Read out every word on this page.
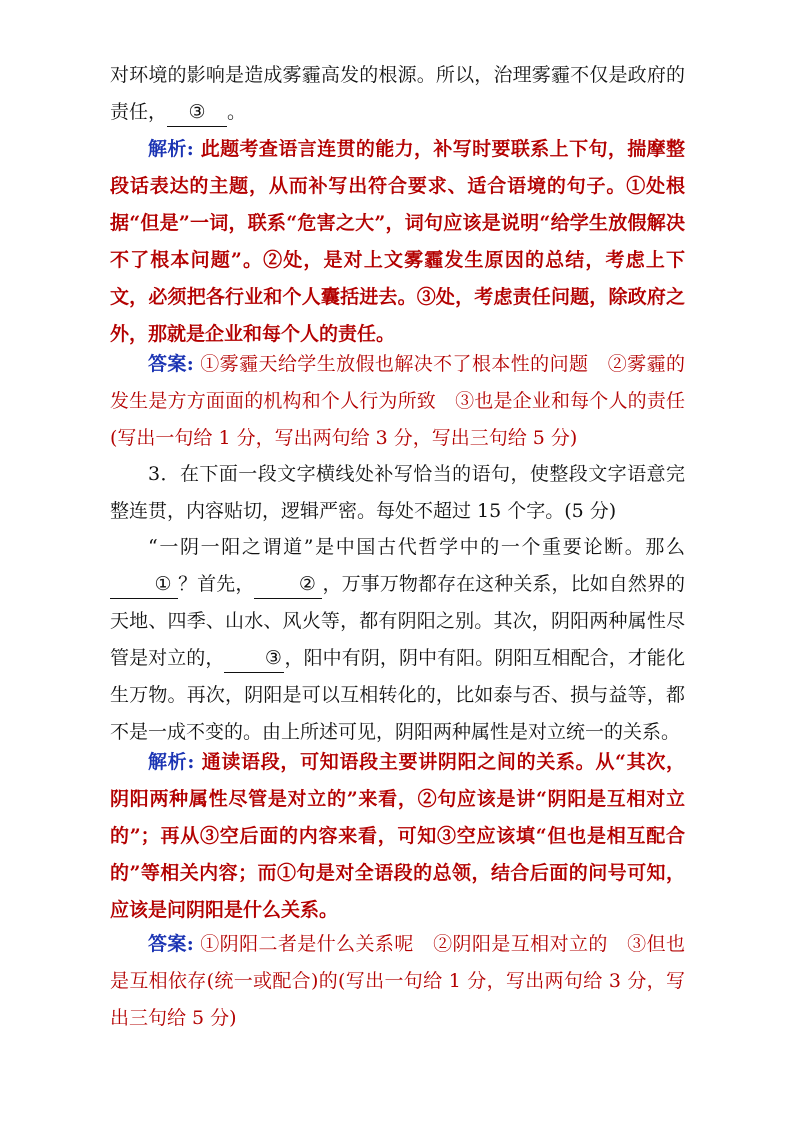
对环境的影响是造成雾霾高发的根源。所以，治理雾霾不仅是政府的责任， ③ 。

解析: 此题考查语言连贯的能力，补写时要联系上下句，揣摩整段话表达的主题，从而补写出符合要求、适合语境的句子。①处根据“但是”一词，联系“危害之大”，词句应该是说明“给学生放假解决不了根本问题”。②处，是对上文雾霾发生原因的总结，考虑上下文，必须把各行业和个人囊括进去。③处，考虑责任问题，除政府之外，那就是企业和每个人的责任。

答案: ①雾霾天给学生放假也解决不了根本性的问题　②雾霾的发生是方方面面的机构和个人行为所致　③也是企业和每个人的责任(写出一句给 1 分，写出两句给 3 分，写出三句给 5 分)

3．在下面一段文字横线处补写恰当的语句，使整段文字语意完整连贯，内容贴切，逻辑严密。每处不超过 15 个字。(5 分)

“一阴一阳之谓道”是中国古代哲学中的一个重要论断。那么① ？首先， ② ，万事万物都存在这种关系，比如自然界的天地、四季、山水、风火等，都有阴阳之别。其次，阴阳两种属性尽管是对立的， ③ ，阳中有阴，阴中有阳。阴阳互相配合，才能化生万物。再次，阴阳是可以互相转化的，比如泰与否、损与益等，都不是一成不变的。由上所述可见，阴阳两种属性是对立统一的关系。

解析: 通读语段，可知语段主要讲阴阳之间的关系。从“其次，阴阳两种属性尽管是对立的”来看，②句应该是讲“阴阳是互相对立的”；再从③空后面的内容来看，可知③空应该填“但也是相互配合的”等相关内容；而①句是对全语段的总领，结合后面的问号可知，应该是问阴阳是什么关系。

答案: ①阴阳二者是什么关系呢　②阴阳是互相对立的　③但也是互相依存(统一或配合)的(写出一句给 1 分，写出两句给 3 分，写出三句给 5 分)
